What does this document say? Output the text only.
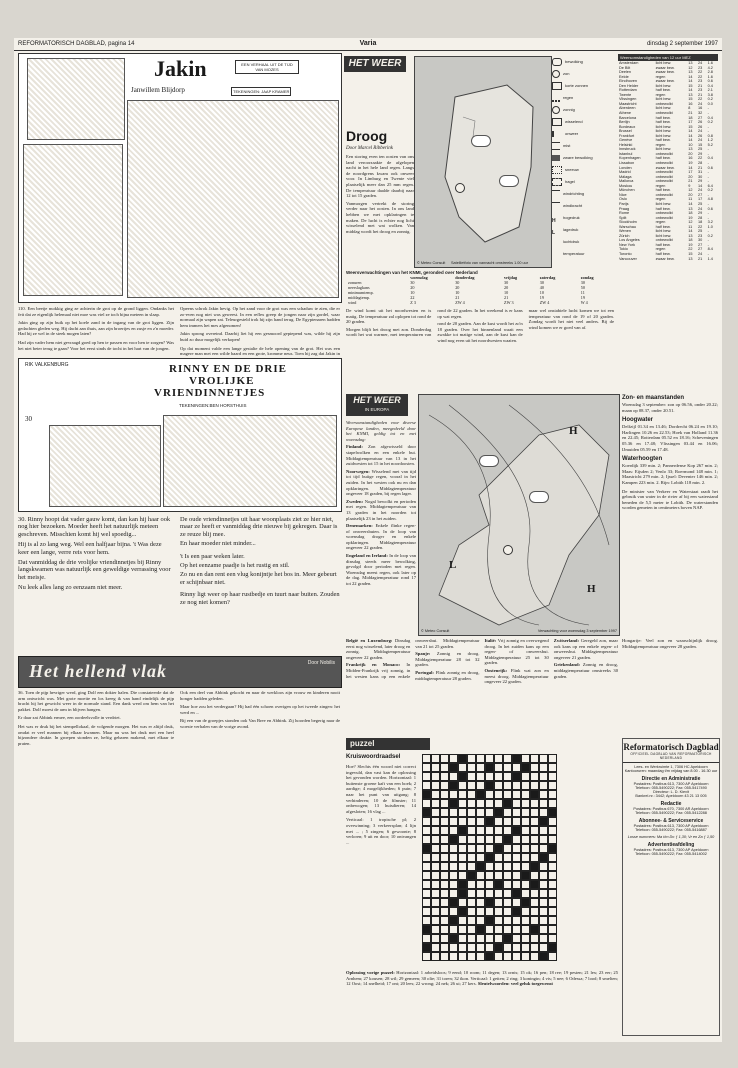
REFORMATORISCH DAGBLAD, pagina 14	Varia	dinsdag 2 september 1997
Jakin	EEN VERHAAL UIT DE TIJD VAN MOZES
Janwillem Blijdorp	TEKENINGEN: JAAP KRAMER

110. Een beetje mokkig ging ze achterin de grot op de grond liggen. Ondanks het feit dat ze eigenlijk helemaal niet moe was viel ze toch bijna meteen in slaap.

Jakin ging op zijn buik op het koele zand in de ingang van de grot liggen. Zijn gedachten gleden weg. Hij dacht aan thuis, aan zijn broertjes en zusje en z'n moeder. Had hij ze wel in de steek mogen laten?

Had zijn vader hem niet gevraagd goed op hen te passen en voor hen te zorgen? Was het niet beter terug te gaan? Voor het eerst sinds de tocht in het hart van de jongen.

Opeens schrok Jakin hevig. Op het zand voor de grot was een schaduw te zien, die er zo-even nog niet was geweest. In een reflex greep de jongen naar zijn gordel, waar normaal zijn wapen zat. Teleurgesteld trok hij zijn hand terug. De Egyptenaren hadden hem immers het mes afgenomen!

Jakin sprong overeind. Daarbij liet hij een gesmoord gepiepend was, wilde hij zijn buid zo duur mogelijk verkopen!

Op dat moment valde een lange gestalte de hele opening van de grot. Het was een magere man met een wilde baard en een grote, kromme neus. Toen hij zag dat Jakin in

RIK VALKENBURG	RINNY EN DE DRIE
VROLIJKE
VRIENDINNETJES
TEKENINGEN:BEN HORSTHUIS
30

30. Rinny hoopt dat vader gauw komt, dan kan hij haar ook nog hier bezoeken. Moeder heeft het natuurlijk meteen geschreven. Misschien komt hij wel spoedig...

Hij is al zo lang weg. Wel een halfjaar bijna. 't Was deze keer een lange, verre reis voor hem.

Dat vanmiddag de drie vrolijke vriendinnetjes bij Rinny langskwamen was natuurlijk een geweldige verrassing voor het meisje.

Nu leek alles lang zo eenzaam niet meer.

De oude vriendinnetjes uit haar woonplaats ziet ze hier niet, maar ze heeft er vanmiddag drie nieuwe bij gekregen. Daar is ze reuze blij mee.

En haar moeder niet minder...

't Is een paar weken later.

Op het eenzame paadje is het rustig en stil.

Zo nu en dan rent een vlug konijntje het bos in. Meer gebeurt er schijnbaar niet.

Rinny ligt weer op haar rustbedje en tuurt naar buiten. Zouden ze nog niet komen?

Het hellend vlak	Door Nobilis

36. Toen de pijp hevriger werd, ging Dolf een dokter halen. Die constateerde dat de arm ontwricht was. Met grote moeite en los kreeg ik van hand eindelijk de pijp bracht hij het gewricht weer in de normale stand. Een dank werd om hem van het pakket. Dolf moest de arm in blijven hangen.

Er daar zat Abbink ermee, een oordeelsvolle in verdriet.

Het was er druk bij het stempellokaal, de volgende morgen. Het was er altijd druk, omdat er veel mannen bij elkaar kwamen. Maar nu was het druk met een heel bijzondere drukte. In groepen stonden ze, heftig gebaren makend, met elkaar te praten.

Ook een deel van Abbink gekocht en naar de werkloos zijn vrouw en kinderen nooit honger hadden geleden.

Maar hoe zou het verdergaan? Hij had één schoen overigen op het tweede zingen: het werd en ...

Bij een van de groepjes stonden ook Van Bree en Abbink. Zij hoorden begerig naar de woeste verhalen van de vorige avond.

HET WEER
Droog
Door Marcel Ribberink

Een storing even ten oosten van ons land veroorzaakte de afgelopen nacht in het hele land regen. Langs de noordgrens kwam ook onweer voor. In Limburg en Twente viel plaatselijk meer dan 25 mm regen. De temperatuur daalde daarbij naar 12 tot 15 graden.

Vanmorgen vertrekt de storing verder naar het oosten. In ons land hebben we met opklaringen te maken. De lucht is echter nog licht wisselend met wat wolken. Van middag wordt het droog en zonnig.

© Meteo Consult Satellietfoto van vannacht omstreeks 1.00 uur
bewolking
zon
korte zonnen
regen
zonnig
wisselend
onweer
mist
zware bewolking
sneeuw
hagel
windrichting
windkracht
Hhogedruk
Llagedruk
luchtdruk
temperatuur
Weersverwachtingen van het KNMI, geronded over Nederland
	woensdag	donderdag	vrijdag	zaterdag	zondag
zonuren	30	30	30	30	30
neerslagkans	20	20	20	40	50
minimumtemp.	10	10	10	10	11
middagtemp.	22	21	21	19	19
wind	Z 3	ZW 4	ZW 3	ZW 4	W 4

De wind komt uit het noordwesten en is matig. De temperatuur zal oplopen tot rond de 20 graden.

Morgen blijft het droog met zon. Donderdag wordt het wat warmer, met temperaturen van rond de 22 graden. In het weekend is er kans op wat regen.

rond de 20 graden. Aan de kust wordt het zo'n 18 graden. Over het binnenland waait een zwakke tot matige wind, aan de kust kan de wind nog even uit het noordwesten waaien.

maar wel onstabiele lucht komen we tot een temperatuur van rond de 19 of 20 graden. Zondag wordt het niet veel anders. Bij de wind komen we er goed van af.

Weersomstandigheden van 12 uur MEZ
Amsterdam	licht bew.	13	24	1.6
De Bilt	zwaar bew.	12	23	4.2
Deelen	zwaar bew.	13	22	2.8
Eelde	regen	14	22	1.6
Eindhoven	zwaar bew.	14	23	0.6
Den Helder	licht bew.	15	21	0.4
Rotterdam	half bew.	14	23	2.1
Twente	regen	13	21	3.8
Vlissingen	licht bew.	15	22	0.2
Maastricht	onbewolkt	16	24	0.0
Aberdeen	licht bew.	8	16	-
Athene	onbewolkt	21	32	-
Barcelona	half bew.	18	27	0.4
Berlijn	half bew.	17	26	0.2
Bordeaux	licht bew.	15	26	-
Brussel	licht bew.	14	24	-
Frankfurt	licht bew.	14	26	0.8
Genève	half bew.	14	24	1.2
Helsinki	regen	10	15	5.2
Innsbruck	licht bew.	13	25	-
Istanbul	onbewolkt	20	29	-
Kopenhagen	half bew.	16	22	0.4
Lissabon	onbewolkt	19	28	-
Londen	zwaar bew.	14	21	0.6
Madrid	onbewolkt	17	31	-
Málaga	onbewolkt	20	30	-
Mallorca	onbewolkt	21	29	-
Moskou	regen	9	14	6.4
München	half bew.	12	24	0.2
Nice	onbewolkt	20	27	-
Oslo	regen	11	17	4.8
Parijs	licht bew.	14	25	-
Praag	half bew.	13	24	0.6
Rome	onbewolkt	18	29	-
Split	onbewolkt	19	28	-
Stockholm	regen	12	18	3.2
Warschau	half bew.	11	22	1.0
Wenen	licht bew.	14	25	-
Zürich	licht bew.	13	23	0.2
Los Angeles	onbewolkt	18	30	-
New York	half bew.	19	27	-
Tokio	regen	22	27	8.4
Toronto	half bew.	15	24	-
Vancouver	zwaar bew.	13	21	1.4
HET WEER
IN EUROPA

Weersomstandigheden voor diverse Europese landen, meegedeeld door het KNMI, geldig tot en met woensdag:

Finland: Zon afgewisseld door stapelwolken en een enkele bui. Middagtemperatuur van 13 in het zuidwesten tot 15 in het noordoosten.

Noorwegen: Wisselend met van tijd tot tijd buiige regen, vooral in het zuiden. In het westen ook nu en dan opklaringen. Middagtemperatuur ongeveer 18 graden, bij regen lager.

Zweden: Nogal bewolkt en perioden met regen. Middagtemperatuur van 13 graden in het noorden tot plaatselijk 23 in het zuiden.

Denemarken: Enkele flinke regen- of onweersbuien. In de loop van woensdag droger en enkele opklaringen. Middagtemperatuur ongeveer 22 graden.

Engeland en Ierland: In de loop van dinsdag steeds meer bewolking, gevolgd door perioden met regen. Woensdag meest regen, ook later op de dag. Middagtemperatuur rond 17 tot 22 graden.

H
L
H
© Meteo Consult	Verwachting voor woensdag 3 september 1997

België en Luxemburg: Dinsdag eerst nog wisselend, later droog en zonnig. Middagtemperatuur ongeveer 22 graden.

Frankrijk en Monaco: In Midden-Frankrijk vrij zonnig, in het westen kans op een enkele onweersbui. Middagtemperatuur van 21 tot 25 graden.

Spanje: Zonnig en droog. Middagtemperatuur 28 tot 32 graden.

Portugal: Flink zonnig en droog, middagtemperatuur 28 graden.

Italië: Vrij zonnig en overwegend droog. In het zuiden kans op een regen- of onweersbui. Middagtemperatuur 25 tot 30 graden.

Oostenrijk: Flink wat zon en meest droog. Middagtemperatuur ongeveer 22 graden.

Zwitserland: Geregeld zon, maar ook kans op een enkele regen- of onweersbui. Middagtemperatuur ongeveer 21 graden.

Griekenland: Zonnig en droog, middagtemperatuur omstreeks 30 graden.

Hongarije: Veel zon en waarschijnlijk droog. Middagtemperatuur ongeveer 28 graden.
Zon- en maanstanden

Woensdag 3 september: zon op 06.56, onder 20.22; maan op 08.37, onder 20.51.

Hoogwater

Delfzijl 01.34 en 13.46; Dordrecht 06.24 en 19.10; Harlingen 10.26 en 22.53; Hoek van Holland 11.36 en 22.45; Rotterdam 05.52 en 18.16; Scheveningen 05.36 en 17.48; Vlissingen 03.44 en 16.06; IJmuiden 05.59 en 17.48.

Waterhoogten

Koerdijk 339 min. 2; Pannerdense Kop 267 min. 2; Maas: Eijsden 2; Venlo 33; Roermond 148 min. 1; Maastricht 279 min. 2; Ijssel: Deventer 146 min. 2; Kampen 223 min. 2. Rijn: Lobith 118 min. 2.

De minister van Verkeer en Waterstaat raadt het gebruik van water in de rivier af bij een waterstand beneden de 5,5 meter te Lobith. De waterstanden worden gemeten in centimeters boven NAP.

puzzel
Kruiswoordraadsel

Hoe? Slechts één woord niet correct ingevuld, dan vast kan de oplossing het gevonden worden. Horizontaal: 1 buitenste groene kaft van een boek; 2 aardige; 4 mogelijkheden; 6 puin; 7 naar het punt van uitgang; 8 verhinderen; 10 de filmster; 11 onbewogen; 13 huisdieren; 14 afgesloten; 16 vlag ...

Verticaal: 1 tropische pl; 2 overwinning; 3 verkeersplan; 4 lijn met ... ; 5 zingen; 6 gewoonte; 8 verloren; 9 uit en door; 10 ontvangen ...

Oplossing vorige puzzel: Horizontaal: 1 arbeidsloos; 9 eend; 10 room; 11 degen; 13 ornis; 15 ok; 16 pen; 18 ree; 19 pesten; 21 lex; 23 eer; 25 Arnhem; 27 kousen; 28 wil; 29 gemeen; 30 olie; 31 toren; 32 ikon. Verticaal: 1 geiten; 2 ring; 3 koningin; 4 vis; 5 nee; 6 Odessa; 7 lood; 8 smelten; 12 Oost; 14 snelheid; 17 ont; 20 lees; 22 wrong; 24 nek; 26 ui; 27 kers. Sleutelwoorden: veel geluk toegewenst
Reformatorisch Dagblad
OFFICIEEL DAGBLAD VAN REFORMATORISCH NEDERLAND
Lees- en Werkruimte 1, 7306 HC Apeldoorn
Kantooruren: maandag t/m vrijdag van 8.00 - 16.30 uur
Directie en Administratie
Postadres: Postbus 613, 7300 AP Apeldoorn
Telefoon: 055-5490222; Fax: 055-5417490
Directeur: L. D. Kievit
Bankrel.nr.: 3442; Apeldoorn 43 21 13 005
Redactie
Postadres: Postbus 670, 7300 AR Apeldoorn
Telefoon: 055-5490222; Fax: 055-5412288
Abonnee- & Serviceservice
Postadres: Postbus 613, 7300 AP Apeldoorn
Telefoon: 055-5490222; Fax: 055-5416887
Losse nummers: Ma t/m Do ƒ 1,30; Vr en Za ƒ 1,50
Advertentieafdeling
Postadres: Postbus 613, 7300 AP Apeldoorn
Telefoon: 055-5490222; Fax: 055-5414002
